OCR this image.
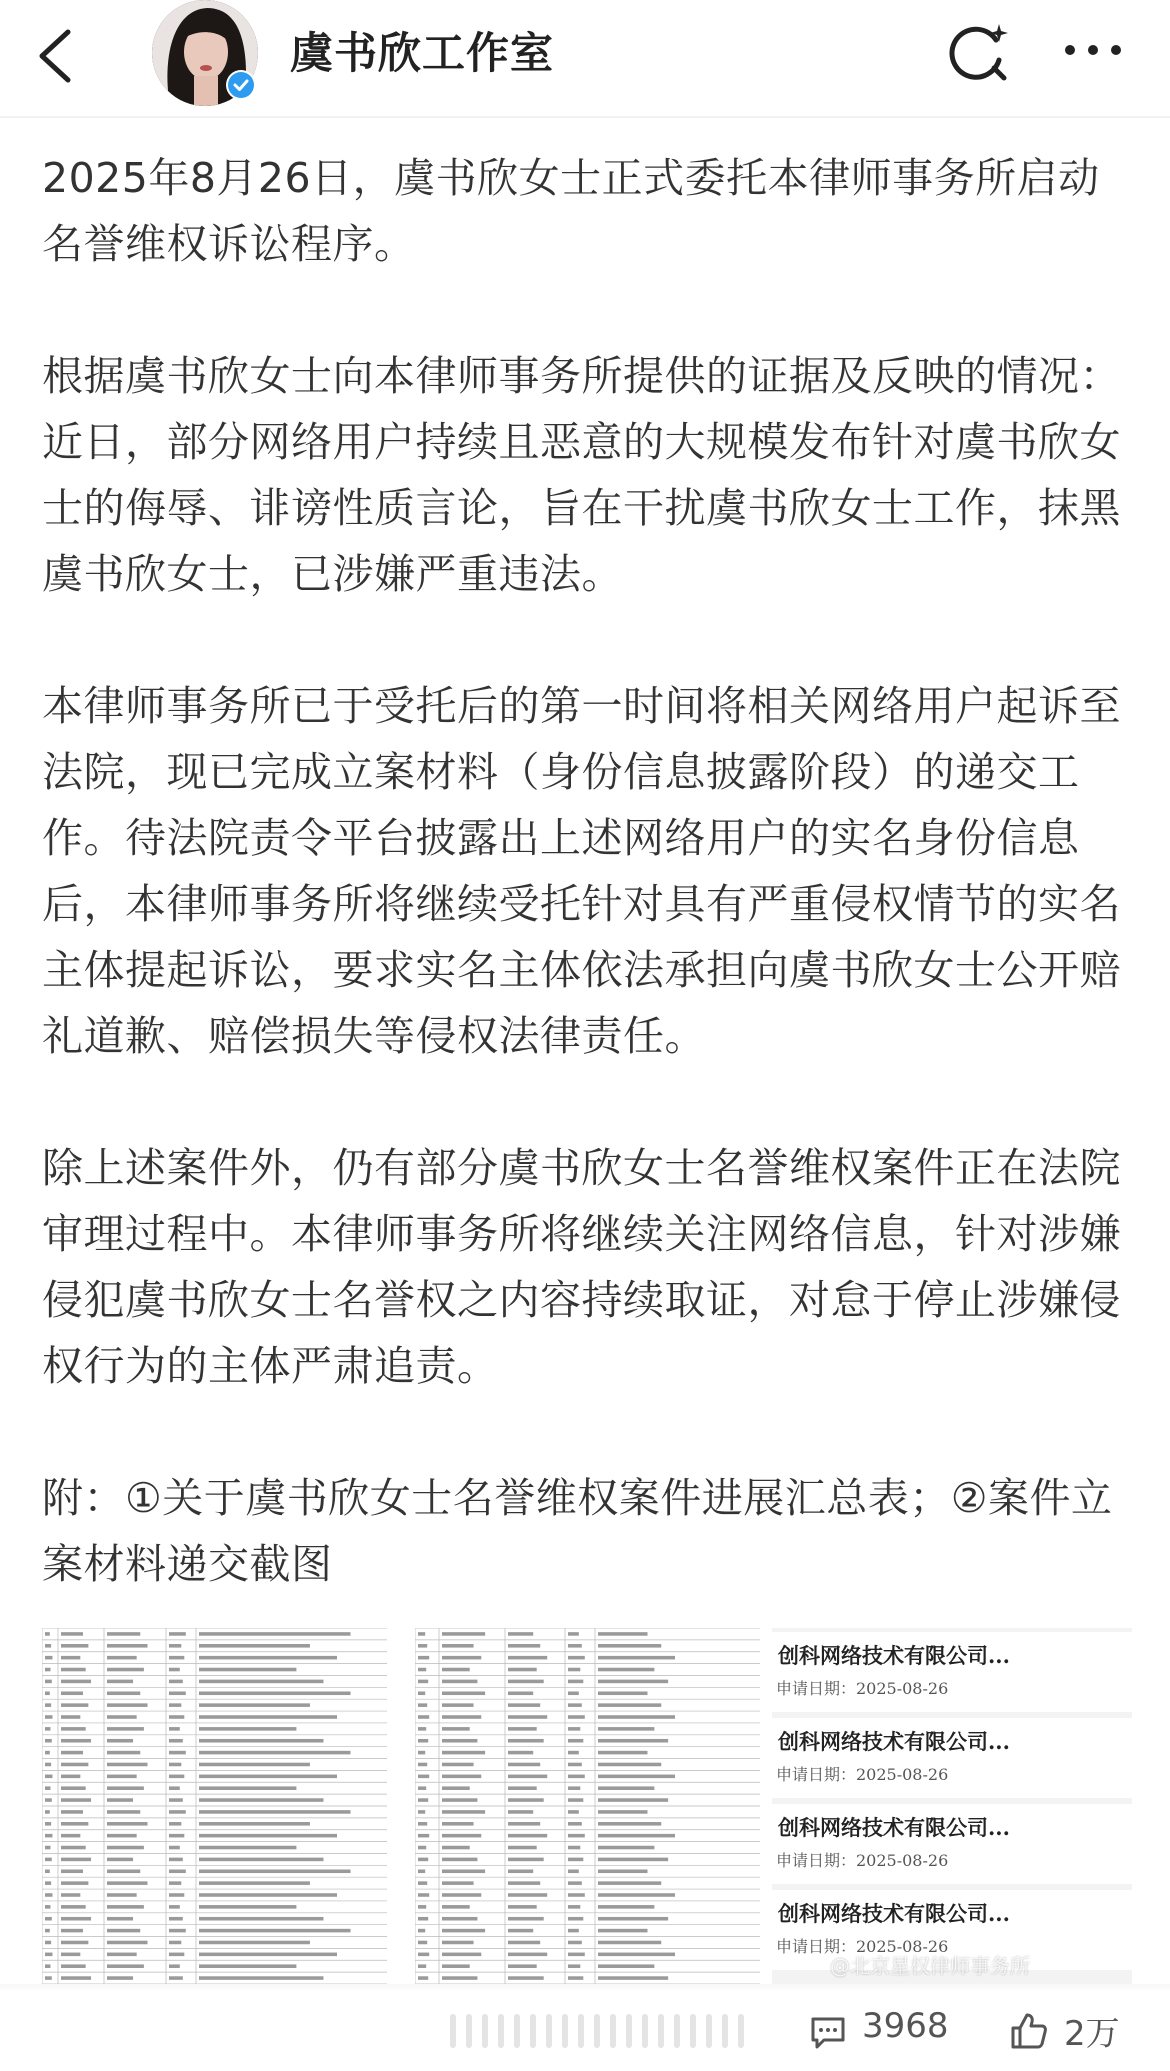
虞书欣工作室

2025年8月26日，虞书欣女士正式委托本律师事务所启动名誉维权诉讼程序。

根据虞书欣女士向本律师事务所提供的证据及反映的情况：近日，部分网络用户持续且恶意的大规模发布针对虞书欣女士的侮辱、诽谤性质言论，旨在干扰虞书欣女士工作，抹黑虞书欣女士，已涉嫌严重违法。

本律师事务所已于受托后的第一时间将相关网络用户起诉至法院，现已完成立案材料（身份信息披露阶段）的递交工作。待法院责令平台披露出上述网络用户的实名身份信息后，本律师事务所将继续受托针对具有严重侵权情节的实名主体提起诉讼，要求实名主体依法承担向虞书欣女士公开赔礼道歉、赔偿损失等侵权法律责任。

除上述案件外，仍有部分虞书欣女士名誉维权案件正在法院审理过程中。本律师事务所将继续关注网络信息，针对涉嫌侵犯虞书欣女士名誉权之内容持续取证，对怠于停止涉嫌侵权行为的主体严肃追责。

附：①关于虞书欣女士名誉维权案件进展汇总表；②案件立案材料递交截图

创科网络技术有限公司...
申请日期：2025-08-26
创科网络技术有限公司...
申请日期：2025-08-26
创科网络技术有限公司...
申请日期：2025-08-26
创科网络技术有限公司...
申请日期：2025-08-26
@北京星权律师事务所
3968	2万
